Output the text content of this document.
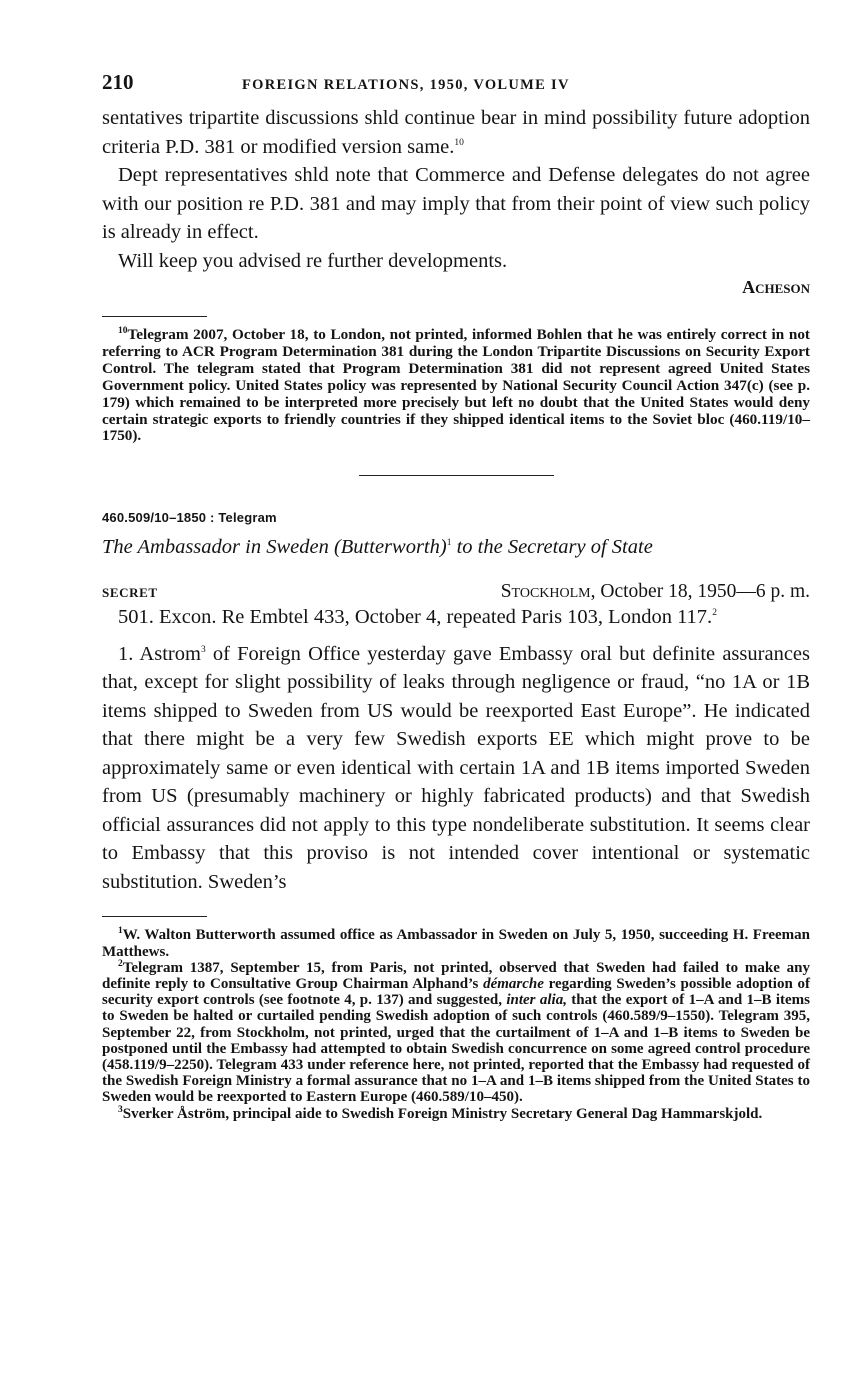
210	FOREIGN RELATIONS, 1950, VOLUME IV

sentatives tripartite discussions shld continue bear in mind possibility future adoption criteria P.D. 381 or modified version same.$^{10}$

Dept representatives shld note that Commerce and Defense delegates do not agree with our position re P.D. 381 and may imply that from their point of view such policy is already in effect.

Will keep you advised re further developments.

Acheson

$^{10}$Telegram 2007, October 18, to London, not printed, informed Bohlen that he was entirely correct in not referring to ACR Program Determination 381 during the London Tripartite Discussions on Security Export Control. The telegram stated that Program Determination 381 did not represent agreed United States Government policy. United States policy was represented by National Security Council Action 347(c) (see p. 179) which remained to be interpreted more precisely but left no doubt that the United States would deny certain strategic exports to friendly countries if they shipped identical items to the Soviet bloc (460.119/10–1750).

460.509/10–1850 : Telegram
The Ambassador in Sweden (Butterworth)$^1$ to the Secretary of State
SECRET	Stockholm, October 18, 1950—6 p. m.

501. Excon. Re Embtel 433, October 4, repeated Paris 103, London 117.$^2$

1. Astrom$^3$ of Foreign Office yesterday gave Embassy oral but definite assurances that, except for slight possibility of leaks through negligence or fraud, “no 1A or 1B items shipped to Sweden from US would be reexported East Europe”. He indicated that there might be a very few Swedish exports EE which might prove to be approximately same or even identical with certain 1A and 1B items imported Sweden from US (presumably machinery or highly fabricated products) and that Swedish official assurances did not apply to this type nondeliberate substitution. It seems clear to Embassy that this proviso is not intended cover intentional or systematic substitution. Sweden’s

$^1$W. Walton Butterworth assumed office as Ambassador in Sweden on July 5, 1950, succeeding H. Freeman Matthews.

$^2$Telegram 1387, September 15, from Paris, not printed, observed that Sweden had failed to make any definite reply to Consultative Group Chairman Alphand’s démarche regarding Sweden’s possible adoption of security export controls (see footnote 4, p. 137) and suggested, inter alia, that the export of 1–A and 1–B items to Sweden be halted or curtailed pending Swedish adoption of such controls (460.589/9–1550). Telegram 395, September 22, from Stockholm, not printed, urged that the curtailment of 1–A and 1–B items to Sweden be postponed until the Embassy had attempted to obtain Swedish concurrence on some agreed control procedure (458.119/9–2250). Telegram 433 under reference here, not printed, reported that the Embassy had requested of the Swedish Foreign Ministry a formal assurance that no 1–A and 1–B items shipped from the United States to Sweden would be reexported to Eastern Europe (460.589/10–450).

$^3$Sverker Åström, principal aide to Swedish Foreign Ministry Secretary General Dag Hammarskjold.
